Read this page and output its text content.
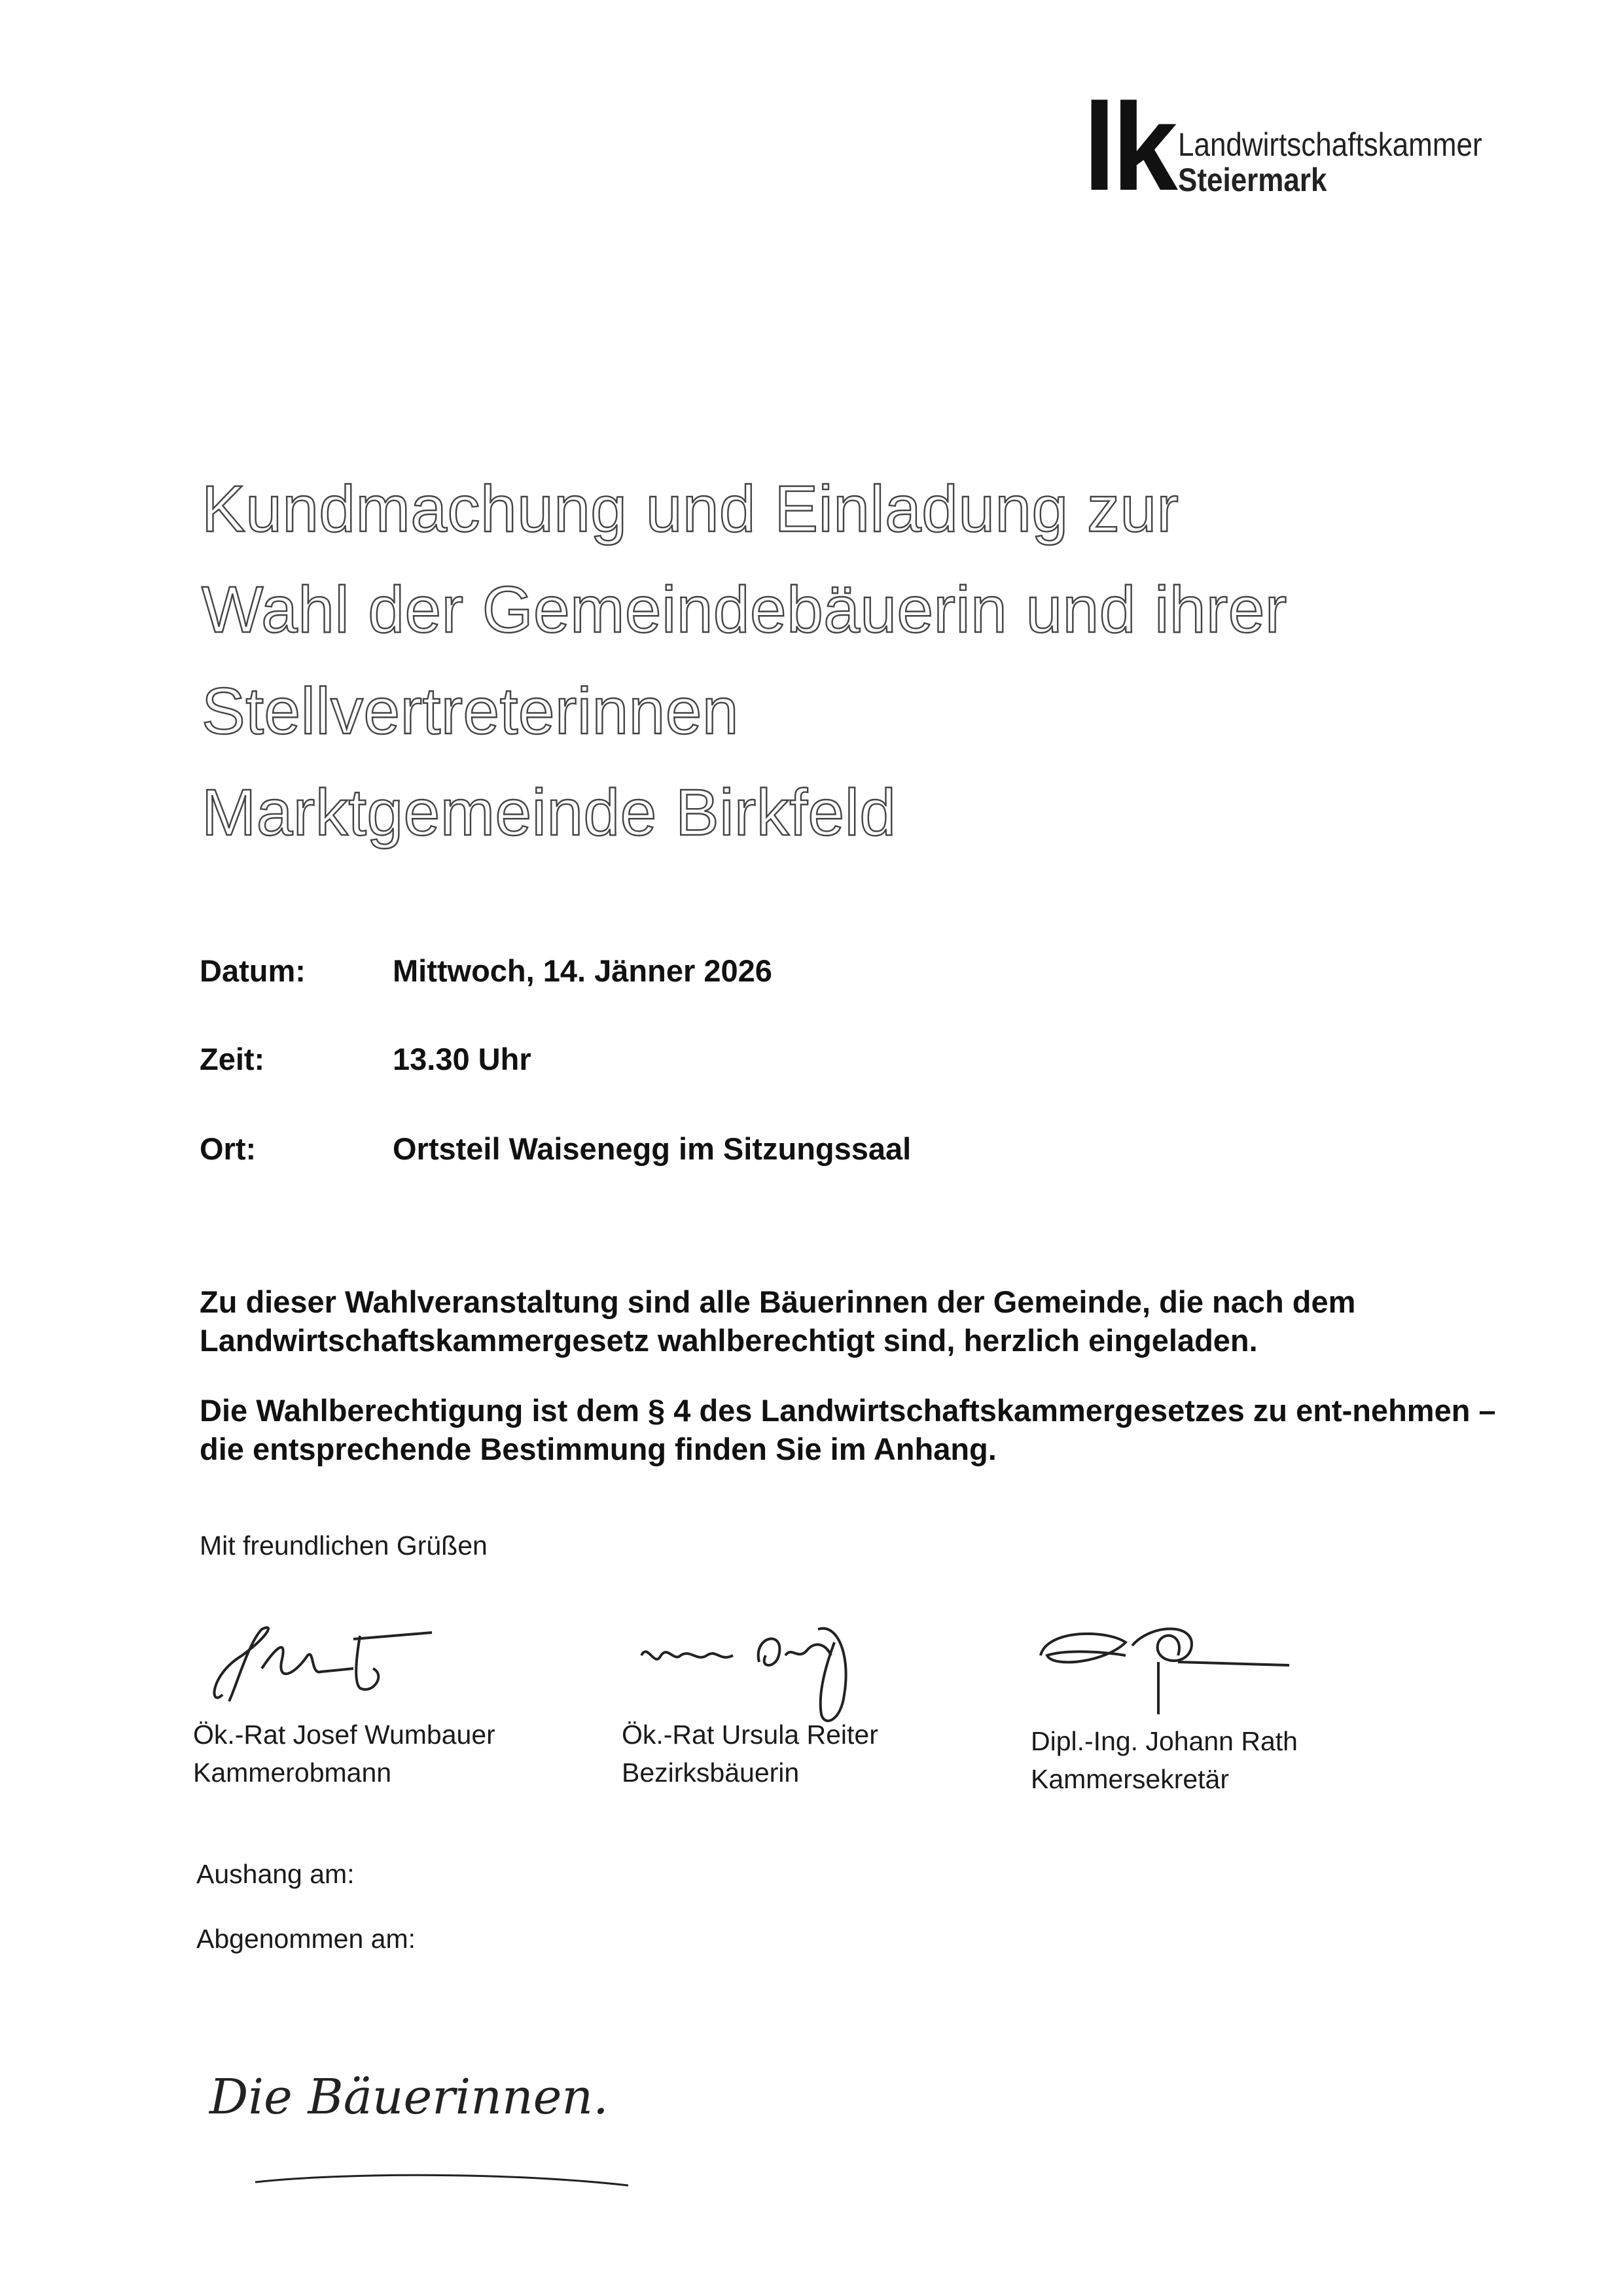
lk Landwirtschaftskammer
Steiermark
Kundmachung und Einladung zur
Wahl der Gemeindebäuerin und ihrer
Stellvertreterinnen
Marktgemeinde Birkfeld
Datum:	Mittwoch, 14. Jänner 2026
Zeit:	13.30 Uhr
Ort:	Ortsteil Waisenegg im Sitzungssaal
Zu dieser Wahlveranstaltung sind alle Bäuerinnen der Gemeinde, die nach dem Landwirtschaftskammergesetz wahlberechtigt sind, herzlich eingeladen.
Die Wahlberechtigung ist dem § 4 des Landwirtschaftskammergesetzes zu ent-nehmen – die entsprechende Bestimmung finden Sie im Anhang.
Mit freundlichen Grüßen
Ök.-Rat Josef Wumbauer
Kammerobmann
Ök.-Rat Ursula Reiter
Bezirksbäuerin
Dipl.-Ing. Johann Rath
Kammersekretär
Aushang am:
Abgenommen am:
Die Bäuerinnen.
